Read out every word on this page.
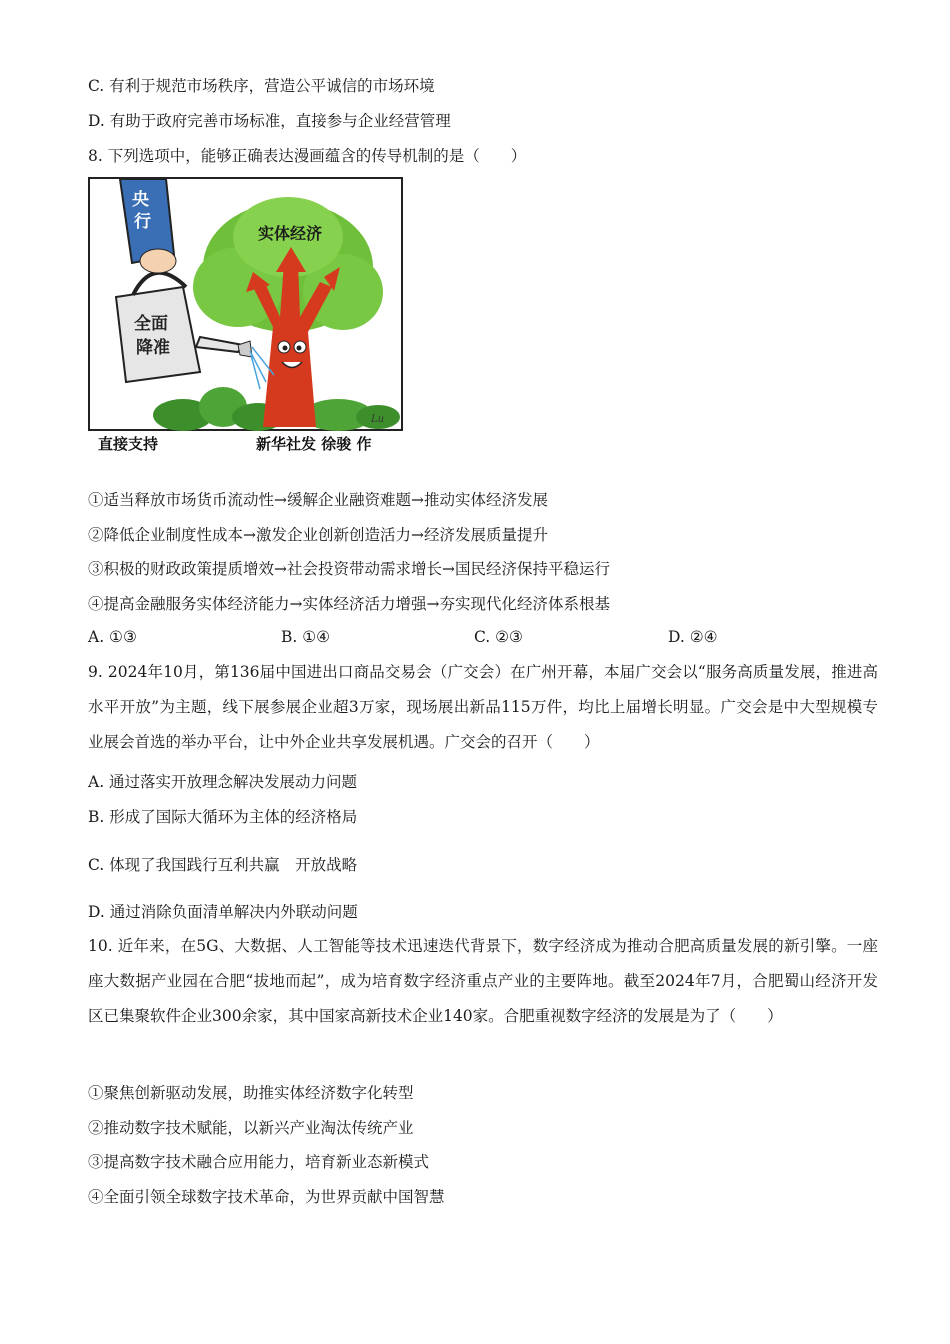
C. 有利于规范市场秩序，营造公平诚信的市场环境
D. 有助于政府完善市场标准，直接参与企业经营管理
8. 下列选项中，能够正确表达漫画蕴含的传导机制的是（　　）
实体经济
全面
降准
央
行
Lu
直接支持	新华社发 徐骏 作
①适当释放市场货币流动性→缓解企业融资难题→推动实体经济发展
②降低企业制度性成本→激发企业创新创造活力→经济发展质量提升
③积极的财政政策提质增效→社会投资带动需求增长→国民经济保持平稳运行
④提高金融服务实体经济能力→实体经济活力增强→夯实现代化经济体系根基
A. ①③	B. ①④	C. ②③	D. ②④
9. 2024年10月，第136届中国进出口商品交易会（广交会）在广州开幕，本届广交会以“服务高质量发展，推进高水平开放”为主题，线下展参展企业超3万家，现场展出新品115万件，均比上届增长明显。广交会是中大型规模专业展会首选的举办平台，让中外企业共享发展机遇。广交会的召开（　　）
A. 通过落实开放理念解决发展动力问题
B. 形成了国际大循环为主体的经济格局
C. 体现了我国践行互利共赢　开放战略
D. 通过消除负面清单解决内外联动问题
10. 近年来，在5G、大数据、人工智能等技术迅速迭代背景下，数字经济成为推动合肥高质量发展的新引擎。一座座大数据产业园在合肥“拔地而起”，成为培育数字经济重点产业的主要阵地。截至2024年7月，合肥蜀山经济开发区已集聚软件企业300余家，其中国家高新技术企业140家。合肥重视数字经济的发展是为了（　　）
①聚焦创新驱动发展，助推实体经济数字化转型
②推动数字技术赋能，以新兴产业淘汰传统产业
③提高数字技术融合应用能力，培育新业态新模式
④全面引领全球数字技术革命，为世界贡献中国智慧
